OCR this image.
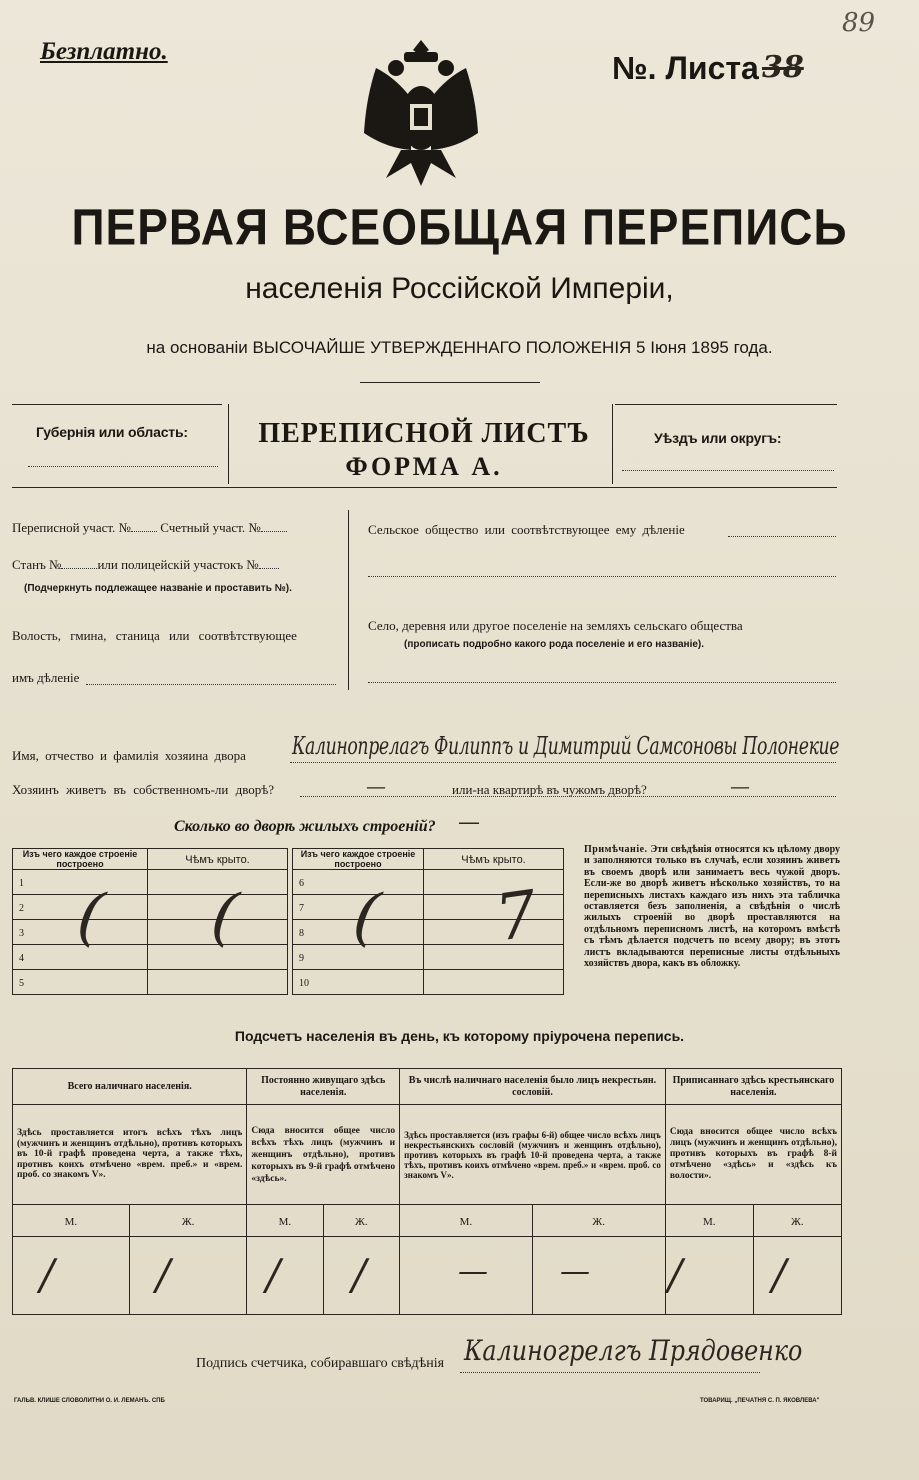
Безплатно.	№. Листа 38
89
ПЕРВАЯ ВСЕОБЩАЯ ПЕРЕПИСЬ
населенія Россійской Имперіи,
на основаніи ВЫСОЧАЙШЕ УТВЕРЖДЕННАГО ПОЛОЖЕНІЯ 5 Іюня 1895 года.
Губернія или область:	ПЕРЕПИСНОЙ ЛИСТЪ
ФОРМА А.
Уѣздъ или округъ:
Переписной участ. № Счетный участ. №
Станъ №	или полицейскій участокъ №
(Подчеркнуть подлежащее названіе и проставить №).
Волость, гмина, станица или соотвѣтствующее
имъ дѣленіе
Сельское общество или соотвѣтствующее ему дѣленіе
Село, деревня или другое поселеніе на земляхъ сельскаго общества
(прописать подробно какого рода поселеніе и его названіе).
Имя, отчество и фамилія хозяина двора Калинопрелагъ Филиппъ и Димитрий Самсоновы Полонекие
Хозяинъ живетъ въ собственномъ-ли дворѣ?	—	или-на квартирѣ въ чужомъ дворѣ?	—
Сколько во дворѣ жилыхъ строеній? —
Изъ чего каждое строеніе построено	Чѣмъ крыто.
1	
2	
3	
4	
5	
( (
Изъ чего каждое строеніе построено	Чѣмъ крыто.
6	
7	
8	
9	
10	
( 7
Примѣчаніе. Эти свѣдѣнія относятся къ цѣлому двору и заполняются только въ случаѣ, если хозяинъ живетъ въ своемъ дворѣ или занимаетъ весь чужой дворъ. Если-же во дворѣ живетъ нѣсколько хозяйствъ, то на переписныхъ листахъ каждаго изъ нихъ эта табличка оставляется безъ заполненія, а свѣдѣнія о числѣ жилыхъ строеній во дворѣ проставляются на отдѣльномъ переписномъ листѣ, на которомъ вмѣстѣ съ тѣмъ дѣлается подсчетъ по всему двору; въ этотъ листъ вкладываются переписные листы отдѣльныхъ хозяйствъ двора, какъ въ обложку.
Подсчетъ населенія въ день, къ которому пріурочена перепись.
Всего наличнаго населенія.		Постоянно живущаго здѣсь населенія.		Въ числѣ наличнаго населенія было лицъ некрестьян. сословій.		Приписаннаго здѣсь крестьянскаго населенія.	

Здѣсь проставляется итогъ всѣхъ тѣхъ лицъ (мужчинъ и женщинъ отдѣльно), противъ которыхъ въ 10-й графѣ проведена черта, а также тѣхъ, противъ коихъ отмѣчено «врем. преб.» и «врем. проб. со знакомъ V».		Сюда вносится общее число всѣхъ тѣхъ лицъ (мужчинъ и женщинъ отдѣльно), противъ которыхъ въ 9-й графѣ отмѣчено «здѣсь».		Здѣсь проставляется (изъ графы 6-й) общее число всѣхъ лицъ некрестьянскихъ сословій (мужчинъ и женщинъ отдѣльно), противъ которыхъ въ графѣ 10-й проведена черта, а также тѣхъ, противъ коихъ отмѣчено «врем. преб.» и «врем. проб. со знакомъ V».		Сюда вносится общее число всѣхъ лицъ (мужчинъ и женщинъ отдѣльно), противъ которыхъ въ графѣ 8-й отмѣчено «здѣсь» и «здѣсь къ волости».	

М.	Ж.	М.	Ж.	М.	Ж.	М.	Ж.

/ / / /	— — / /
Подпись счетчика, собиравшаго свѣдѣнія Калиногрелгъ Прядовенко
ГАЛЬВ. КЛИШЕ СЛОВОЛИТНИ О. И. ЛЕМАНЪ. СПБ	ТОВАРИЩ. „ПЕЧАТНЯ С. П. ЯКОВЛЕВА"
